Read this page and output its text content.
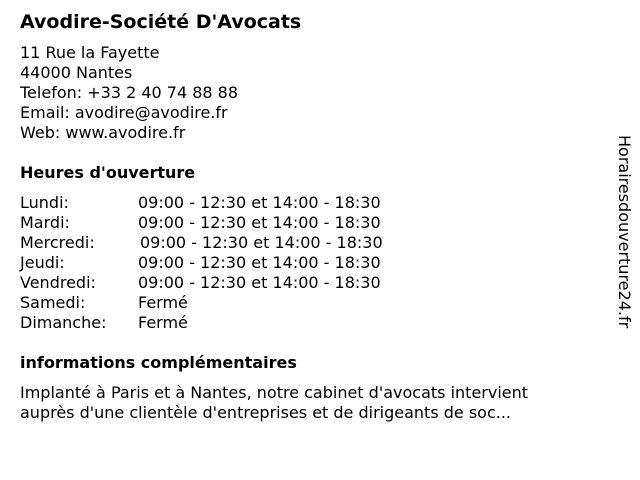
Avodire-Société D'Avocats
11 Rue la Fayette
44000 Nantes
Telefon: +33 2 40 74 88 88
Email: avodire@avodire.fr
Web: www.avodire.fr
Heures d'ouverture
Lundi:	09:00 - 12:30 et 14:00 - 18:30
Mardi:	09:00 - 12:30 et 14:00 - 18:30
Mercredi:	09:00 - 12:30 et 14:00 - 18:30
Jeudi:	09:00 - 12:30 et 14:00 - 18:30
Vendredi:	09:00 - 12:30 et 14:00 - 18:30
Samedi:	Fermé
Dimanche:	Fermé
informations complémentaires
Implanté à Paris et à Nantes, notre cabinet d'avocats intervient auprès d'une clientèle d'entreprises et de dirigeants de soc...
Horairesdouverture24.fr
